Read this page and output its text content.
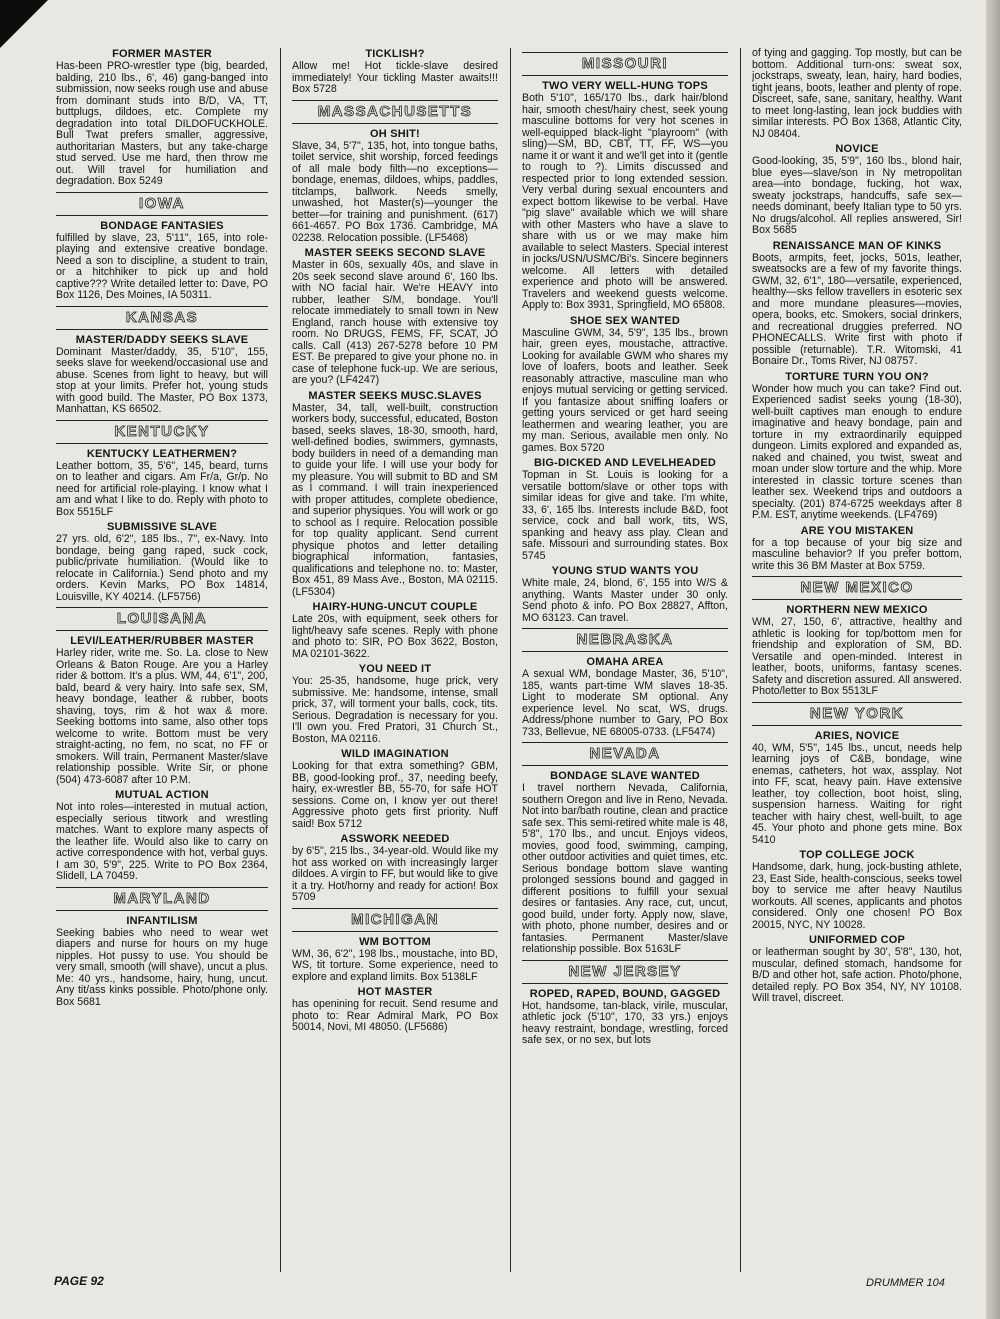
FORMER MASTER

Has-been PRO-wrestler type (big, bearded, balding, 210 lbs., 6', 46) gang-banged into submission, now seeks rough use and abuse from dominant studs into B/D, VA, TT, buttplugs, dildoes, etc. Complete my degradation into total DILDOFUCKHOLE. Bull Twat prefers smaller, aggressive, authoritarian Masters, but any take-charge stud served. Use me hard, then throw me out. Will travel for humiliation and degradation. Box 5249

IOWA
BONDAGE FANTASIES

fulfilled by slave, 23, 5'11", 165, into role-playing and extensive creative bondage. Need a son to discipline, a student to train, or a hitchhiker to pick up and hold captive??? Write detailed letter to: Dave, PO Box 1126, Des Moines, IA 50311.

KANSAS
MASTER/DADDY SEEKS SLAVE

Dominant Master/daddy, 35, 5'10", 155, seeks slave for weekend/occasional use and abuse. Scenes from light to heavy, but will stop at your limits. Prefer hot, young studs with good build. The Master, PO Box 1373, Manhattan, KS 66502.

KENTUCKY
KENTUCKY LEATHERMEN?

Leather bottom, 35, 5'6", 145, beard, turns on to leather and cigars. Am Fr/a, Gr/p. No need for artificial role-playing. I know what I am and what I like to do. Reply with photo to Box 5515LF

SUBMISSIVE SLAVE

27 yrs. old, 6'2", 185 lbs., 7", ex-Navy. Into bondage, being gang raped, suck cock, public/private humiliation. (Would like to relocate in California.) Send photo and my orders. Kevin Marks, PO Box 14814, Louisville, KY 40214. (LF5756)

LOUISANA
LEVI/LEATHER/RUBBER MASTER

Harley rider, write me. So. La. close to New Orleans & Baton Rouge. Are you a Harley rider & bottom. It's a plus. WM, 44, 6'1", 200, bald, beard & very hairy. Into safe sex, SM, heavy bondage, leather & rubber, boots shaving, toys, rim & hot wax & more. Seeking bottoms into same, also other tops welcome to write. Bottom must be very straight-acting, no fem, no scat, no FF or smokers. Will train, Permanent Master/slave relationship possible. Write Sir, or phone (504) 473-6087 after 10 P.M.

MUTUAL ACTION

Not into roles—interested in mutual action, especially serious titwork and wrestling matches. Want to explore many aspects of the leather life. Would also like to carry on active correspondence with hot, verbal guys. I am 30, 5'9", 225. Write to PO Box 2364, Slidell, LA 70459.

MARYLAND
INFANTILISM

Seeking babies who need to wear wet diapers and nurse for hours on my huge nipples. Hot pussy to use. You should be very small, smooth (will shave), uncut a plus. Me: 40 yrs., handsome, hairy, hung, uncut. Any tit/ass kinks possible. Photo/phone only. Box 5681

TICKLISH?

Allow me! Hot tickle-slave desired immediately! Your tickling Master awaits!!! Box 5728

MASSACHUSETTS
OH SHIT!

Slave, 34, 5'7", 135, hot, into tongue baths, toilet service, shit worship, forced feedings of all male body filth—no exceptions—bondage, enemas, dildoes, whips, paddles, titclamps, ballwork. Needs smelly, unwashed, hot Master(s)—younger the better—for training and punishment. (617) 661-4657. PO Box 1736. Cambridge, MA 02238. Relocation possible. (LF5468)

MASTER SEEKS SECOND SLAVE

Master in 60s, sexually 40s, and slave in 20s seek second slave around 6', 160 lbs. with NO facial hair. We're HEAVY into rubber, leather S/M, bondage. You'll relocate immediately to small town in New England, ranch house with extensive toy room. No DRUGS, FEMS, FF, SCAT, JO calls. Call (413) 267-5278 before 10 PM EST. Be prepared to give your phone no. in case of telephone fuck-up. We are serious, are you? (LF4247)

MASTER SEEKS MUSC.SLAVES

Master, 34, tall, well-built, construction workers body, successful, educated, Boston based, seeks slaves, 18-30, smooth, hard, well-defined bodies, swimmers, gymnasts, body builders in need of a demanding man to guide your life. I will use your body for my pleasure. You will submit to BD and SM as I command. I will train inexperienced with proper attitudes, complete obedience, and superior physiques. You will work or go to school as I require. Relocation possible for top quality applicant. Send current physique photos and letter detailing biographical information, fantasies, qualifications and telephone no. to: Master, Box 451, 89 Mass Ave., Boston, MA 02115. (LF5304)

HAIRY-HUNG-UNCUT COUPLE

Late 20s, with equipment, seek others for light/heavy safe scenes. Reply with phone and photo to: SIR, PO Box 3622, Boston, MA 02101-3622.

YOU NEED IT

You: 25-35, handsome, huge prick, very submissive. Me: handsome, intense, small prick, 37, will torment your balls, cock, tits. Serious. Degradation is necessary for you. I'll own you. Fred Pratori, 31 Church St., Boston, MA 02116.

WILD IMAGINATION

Looking for that extra something? GBM, BB, good-looking prof., 37, needing beefy, hairy, ex-wrestler BB, 55-70, for safe HOT sessions. Come on, I know yer out there! Aggressive photo gets first priority. Nuff said! Box 5712

ASSWORK NEEDED

by 6'5", 215 lbs., 34-year-old. Would like my hot ass worked on with increasingly larger dildoes. A virgin to FF, but would like to give it a try. Hot/horny and ready for action! Box 5709

MICHIGAN
WM BOTTOM

WM, 36, 6'2", 198 lbs., moustache, into BD, WS, tit torture. Some experience, need to explore and expland limits. Box 5138LF

HOT MASTER

has openining for recuit. Send resume and photo to: Rear Admiral Mark, PO Box 50014, Novi, MI 48050. (LF5686)

MISSOURI
TWO VERY WELL-HUNG TOPS

Both 5'10", 165/170 lbs., dark hair/blond hair, smooth chest/hairy chest, seek young masculine bottoms for very hot scenes in well-equipped black-light "playroom" (with sling)—SM, BD, CBT, TT, FF, WS—you name it or want it and we'll get into it (gentle to rough to ?). Limits discussed and respected prior to long extended session. Very verbal during sexual encounters and expect bottom likewise to be verbal. Have "pig slave" available which we will share with other Masters who have a slave to share with us or we may make him available to select Masters. Special interest in jocks/USN/USMC/Bi's. Sincere beginners welcome. All letters with detailed experience and photo will be answered. Travelers and weekend guests welcome. Apply to: Box 3931, Springfield, MO 65808.

SHOE SEX WANTED

Masculine GWM, 34, 5'9", 135 lbs., brown hair, green eyes, moustache, attractive. Looking for available GWM who shares my love of loafers, boots and leather. Seek reasonably attractive, masculine man who enjoys mutual servicing or getting serviced. If you fantasize about sniffing loafers or getting yours serviced or get hard seeing leathermen and wearing leather, you are my man. Serious, available men only. No games. Box 5720

BIG-DICKED AND LEVELHEADED

Topman in St. Louis is looking for a versatile bottom/slave or other tops with similar ideas for give and take. I'm white, 33, 6', 165 lbs. Interests include B&D, foot service, cock and ball work, tits, WS, spanking and heavy ass play. Clean and safe. Missouri and surrounding states. Box 5745

YOUNG STUD WANTS YOU

White male, 24, blond, 6', 155 into W/S & anything. Wants Master under 30 only. Send photo & info. PO Box 28827, Affton, MO 63123. Can travel.

NEBRASKA
OMAHA AREA

A sexual WM, bondage Master, 36, 5'10", 185, wants part-time WM slaves 18-35. Light to moderate SM optional. Any experience level. No scat, WS, drugs. Address/phone number to Gary, PO Box 733, Bellevue, NE 68005-0733. (LF5474)

NEVADA
BONDAGE SLAVE WANTED

I travel northern Nevada, California, southern Oregon and live in Reno, Nevada. Not into bar/bath routine, clean and practice safe sex. This semi-retired white male is 48, 5'8", 170 lbs., and uncut. Enjoys videos, movies, good food, swimming, camping, other outdoor activities and quiet times, etc. Serious bondage bottom slave wanting prolonged sessions bound and gagged in different positions to fulfill your sexual desires or fantasies. Any race, cut, uncut, good build, under forty. Apply now, slave, with photo, phone number, desires and or fantasies. Permanent Master/slave relationship possible. Box 5163LF

NEW JERSEY
ROPED, RAPED, BOUND, GAGGED

Hot, handsome, tan-black, virile, muscular, athletic jock (5'10", 170, 33 yrs.) enjoys heavy restraint, bondage, wrestling, forced safe sex, or no sex, but lots

of tying and gagging. Top mostly, but can be bottom. Additional turn-ons: sweat sox, jockstraps, sweaty, lean, hairy, hard bodies, tight jeans, boots, leather and plenty of rope. Discreet, safe, sane, sanitary, healthy. Want to meet long-lasting, lean jock buddies with similar interests. PO Box 1368, Atlantic City, NJ 08404.

NOVICE

Good-looking, 35, 5'9", 160 lbs., blond hair, blue eyes—slave/son in Ny metropolitan area—into bondage, fucking, hot wax, sweaty jockstraps, handcuffs, safe sex—needs dominant, beefy Italian type to 50 yrs. No drugs/alcohol. All replies answered, Sir! Box 5685

RENAISSANCE MAN OF KINKS

Boots, armpits, feet, jocks, 501s, leather, sweatsocks are a few of my favorite things. GWM, 32, 6'1", 180—versatile, experienced, healthy—sks fellow travellers in esoteric sex and more mundane pleasures—movies, opera, books, etc. Smokers, social drinkers, and recreational druggies preferred. NO PHONECALLS. Write first with photo if possible (returnable). T.R. Witomski, 41 Bonaire Dr., Toms River, NJ 08757.

TORTURE TURN YOU ON?

Wonder how much you can take? Find out. Experienced sadist seeks young (18-30), well-built captives man enough to endure imaginative and heavy bondage, pain and torture in my extraordinarily equipped dungeon. Limits explored and expanded as, naked and chained, you twist, sweat and moan under slow torture and the whip. More interested in classic torture scenes than leather sex. Weekend trips and outdoors a specialty. (201) 874-6725 weekdays after 8 P.M. EST, anytime weekends. (LF4769)

ARE YOU MISTAKEN

for a top because of your big size and masculine behavior? If you prefer bottom, write this 36 BM Master at Box 5759.

NEW MEXICO
NORTHERN NEW MEXICO

WM, 27, 150, 6', attractive, healthy and athletic is looking for top/bottom men for friendship and exploration of SM, BD. Versatile and open-minded. Interest in leather, boots, uniforms, fantasy scenes. Safety and discretion assured. All answered. Photo/letter to Box 5513LF

NEW YORK
ARIES, NOVICE

40, WM, 5'5", 145 lbs., uncut, needs help learning joys of C&B, bondage, wine enemas, catheters, hot wax, assplay. Not into FF, scat, heavy pain. Have extensive leather, toy collection, boot hoist, sling, suspension harness. Waiting for right teacher with hairy chest, well-built, to age 45. Your photo and phone gets mine. Box 5410

TOP COLLEGE JOCK

Handsome, dark, hung, jock-busting athlete, 23, East Side, health-conscious, seeks towel boy to service me after heavy Nautilus workouts. All scenes, applicants and photos considered. Only one chosen! PO Box 20015, NYC, NY 10028.

UNIFORMED COP

or leatherman sought by 30', 5'8", 130, hot, muscular, defined stomach, handsome for B/D and other hot, safe action. Photo/phone, detailed reply. PO Box 354, NY, NY 10108. Will travel, discreet.

PAGE 92	DRUMMER 104
